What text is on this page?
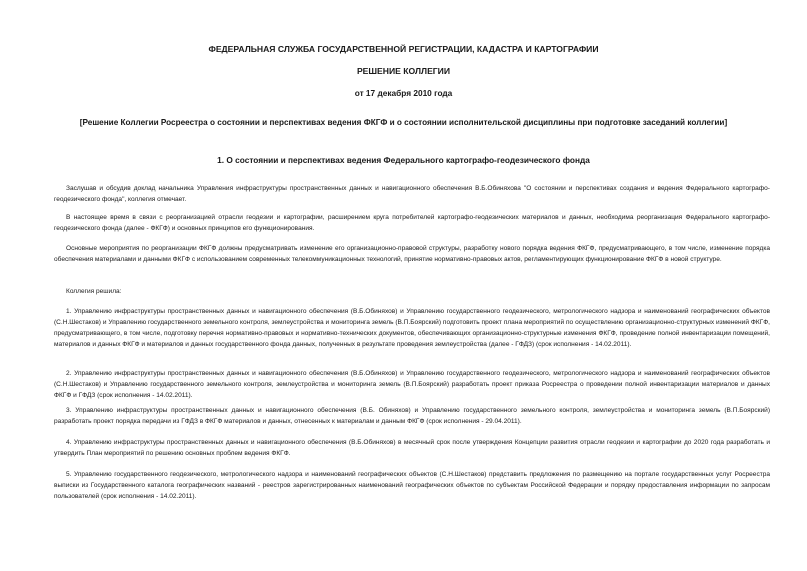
ФЕДЕРАЛЬНАЯ СЛУЖБА ГОСУДАРСТВЕННОЙ РЕГИСТРАЦИИ, КАДАСТРА И КАРТОГРАФИИ
РЕШЕНИЕ КОЛЛЕГИИ
от 17 декабря 2010 года
[Решение Коллегии Росреестра о состоянии и перспективах ведения ФКГФ и о состоянии исполнительской дисциплины при подготовке заседаний коллегии]
1. О состоянии и перспективах ведения Федерального картографо-геодезического фонда

Заслушав и обсудив доклад начальника Управления инфраструктуры пространственных данных и навигационного обеспечения В.Б.Обиняхова "О состоянии и перспективах создания и ведения Федерального картографо-геодезического фонда", коллегия отмечает.

В настоящее время в связи с реорганизацией отрасли геодезии и картографии, расширением круга потребителей картографо-геодезических материалов и данных, необходима реорганизация Федерального картографо-геодезического фонда (далее - ФКГФ) и основных принципов его функционирования.

Основные мероприятия по реорганизации ФКГФ должны предусматривать изменение его организационно-правовой структуры, разработку нового порядка ведения ФКГФ, предусматривающего, в том числе, изменение порядка обеспечения материалами и данными ФКГФ с использованием современных телекоммуникационных технологий, принятие нормативно-правовых актов, регламентирующих функционирование ФКГФ в новой структуре.

Коллегия решила:

1. Управлению инфраструктуры пространственных данных и навигационного обеспечения (В.Б.Обиняхов) и Управлению государственного геодезического, метрологического надзора и наименований географических объектов (С.Н.Шестаков) и Управлению государственного земельного контроля, землеустройства и мониторинга земель (В.П.Боярский) подготовить проект плана мероприятий по осуществлению организационно-структурных изменений ФКГФ, предусматривающего, в том числе, подготовку перечня нормативно-правовых и нормативно-технических документов, обеспечивающих организационно-структурные изменения ФКГФ, проведение полной инвентаризации помещений, материалов и данных ФКГФ и материалов и данных государственного фонда данных, полученных в результате проведения землеустройства (далее - ГФДЗ) (срок исполнения - 14.02.2011).

2. Управлению инфраструктуры пространственных данных и навигационного обеспечения (В.Б.Обиняхов) и Управлению государственного геодезического, метрологического надзора и наименований географических объектов (С.Н.Шестаков) и Управлению государственного земельного контроля, землеустройства и мониторинга земель (В.П.Боярский) разработать проект приказа Росреестра о проведении полной инвентаризации материалов и данных ФКГФ и ГФДЗ (срок исполнения - 14.02.2011).

3. Управлению инфраструктуры пространственных данных и навигационного обеспечения (В.Б. Обиняхов) и Управлению государственного земельного контроля, землеустройства и мониторинга земель (В.П.Боярский) разработать проект порядка передачи из ГФДЗ в ФКГФ материалов и данных, отнесенных к материалам и данным ФКГФ (срок исполнения - 29.04.2011).

4. Управлению инфраструктуры пространственных данных и навигационного обеспечения (В.Б.Обиняхов) в месячный срок после утверждения Концепции развития отрасли геодезии и картографии до 2020 года разработать и утвердить План мероприятий по решению основных проблем ведения ФКГФ.

5. Управлению государственного геодезического, метрологического надзора и наименований географических объектов (С.Н.Шестаков) представить предложения по размещению на портале государственных услуг Росреестра выписки из Государственного каталога географических названий - реестров зарегистрированных наименований географических объектов по субъектам Российской Федерации и порядку предоставления информации по запросам пользователей (срок исполнения - 14.02.2011).
